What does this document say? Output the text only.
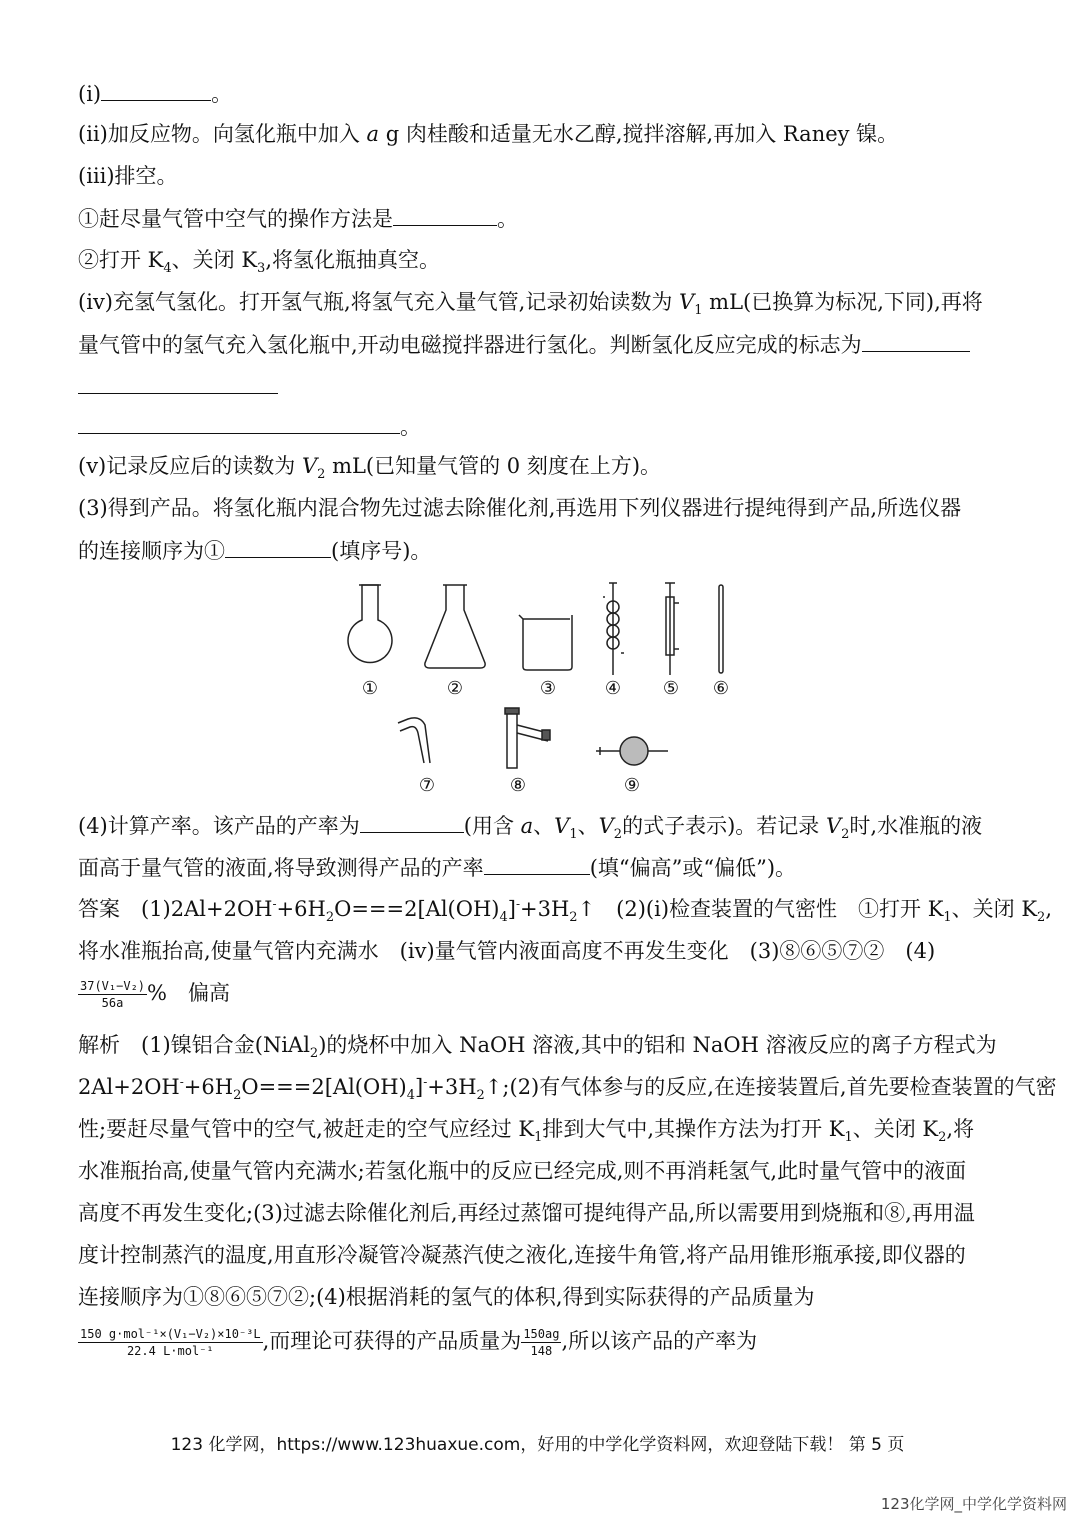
(ⅰ)	。
(ⅱ)加反应物。向氢化瓶中加入 a g 肉桂酸和适量无水乙醇,搅拌溶解,再加入 Raney 镍。
(ⅲ)排空。
①赶尽量气管中空气的操作方法是	。
②打开 $K_4$、关闭 $K_3$,将氢化瓶抽真空。
(ⅳ)充氢气氢化。打开氢气瓶,将氢气充入量气管,记录初始读数为 $V_1$ mL(已换算为标况,下同),再将
量气管中的氢气充入氢化瓶中,开动电磁搅拌器进行氢化。判断氢化反应完成的标志为
。
(ⅴ)记录反应后的读数为 $V_2$ mL(已知量气管的 0 刻度在上方)。
(3)得到产品。将氢化瓶内混合物先过滤去除催化剂,再选用下列仪器进行提纯得到产品,所选仪器
的连接顺序为①	(填序号)。
①	②	③	④	⑤	⑥
⑦	⑧	⑨
(4)计算产率。该产品的产率为	(用含 a、$V_1$、$V_2$的式子表示)。若记录 $V_2$时,水准瓶的液
面高于量气管的液面,将导致测得产品的产率	(填“偏高”或“偏低”)。
答案　 $(1)2Al+2OH^-+6H_2O===2[Al(OH)_4]^-+3H_2↑$　(2)(ⅰ)检查装置的气密性　①打开 $K_1$、关闭 $K_2$,
将水准瓶抬高,使量气管内充满水　(ⅳ)量气管内液面高度不再发生变化　(3)⑧⑥⑤⑦②　(4)
$\frac{\text{37(V₁−V₂)}}{56a}$ %　偏高
解析　 (1)镍铝合金(NiAl$_2$)的烧杯中加入 NaOH 溶液,其中的铝和 NaOH 溶液反应的离子方程式为
$2Al+2OH^-+6H_2O===2[Al(OH)_4]^-+3H_2↑;(2)$有气体参与的反应,在连接装置后,首先要检查装置的气密
性;要赶尽量气管中的空气,被赶走的空气应经过 $K_1$排到大气中,其操作方法为打开 $K_1$、关闭 $K_2$,将
水准瓶抬高,使量气管内充满水;若氢化瓶中的反应已经完成,则不再消耗氢气,此时量气管中的液面
高度不再发生变化;(3)过滤去除催化剂后,再经过蒸馏可提纯得产品,所以需要用到烧瓶和⑧,再用温
度计控制蒸汽的温度,用直形冷凝管冷凝蒸汽使之液化,连接牛角管,将产品用锥形瓶承接,即仪器的
连接顺序为①⑧⑥⑤⑦②;(4)根据消耗的氢气的体积,得到实际获得的产品质量为
$\frac{\text{150 g·mol⁻¹×(V₁−V₂)×10⁻³L}}{\text{22.4 L·mol⁻¹}}$ ,而理论可获得的产品质量为 $\frac{150ag}{148}$ ,所以该产品的产率为
123 化学网，https://www.123huaxue.com，好用的中学化学资料网，欢迎登陆下载！ 第 5 页
123化学网_中学化学资料网
